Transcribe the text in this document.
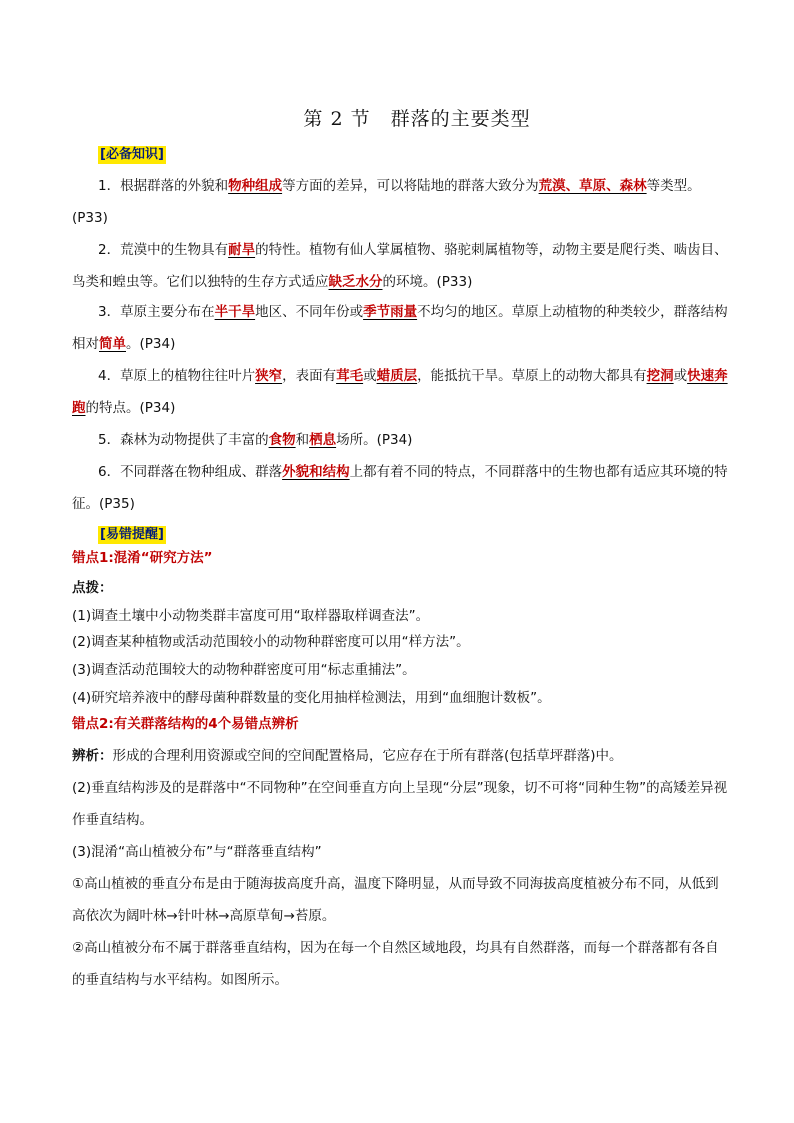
第 2 节　群落的主要类型
[必备知识]
1．根据群落的外貌和物种组成等方面的差异，可以将陆地的群落大致分为荒漠、草原、森林等类型。(P33)
2．荒漠中的生物具有耐旱的特性。植物有仙人掌属植物、骆驼刺属植物等，动物主要是爬行类、啮齿目、鸟类和蝗虫等。它们以独特的生存方式适应缺乏水分的环境。(P33)
3．草原主要分布在半干旱地区、不同年份或季节雨量不均匀的地区。草原上动植物的种类较少，群落结构相对简单。(P34)
4．草原上的植物往往叶片狭窄，表面有茸毛或蜡质层，能抵抗干旱。草原上的动物大都具有挖洞或快速奔跑的特点。(P34)
5．森林为动物提供了丰富的食物和栖息场所。(P34)
6．不同群落在物种组成、群落外貌和结构上都有着不同的特点，不同群落中的生物也都有适应其环境的特征。(P35)
[易错提醒]
错点1:混淆“研究方法”
点拨：
(1)调查土壤中小动物类群丰富度可用“取样器取样调查法”。
(2)调查某种植物或活动范围较小的动物种群密度可以用“样方法”。
(3)调查活动范围较大的动物种群密度可用“标志重捕法”。
(4)研究培养液中的酵母菌种群数量的变化用抽样检测法，用到“血细胞计数板”。
错点2:有关群落结构的4个易错点辨析
辨析：形成的合理利用资源或空间的空间配置格局，它应存在于所有群落(包括草坪群落)中。
(2)垂直结构涉及的是群落中“不同物种”在空间垂直方向上呈现“分层”现象，切不可将“同种生物”的高矮差异视作垂直结构。
(3)混淆“高山植被分布”与“群落垂直结构”
①高山植被的垂直分布是由于随海拔高度升高，温度下降明显，从而导致不同海拔高度植被分布不同，从低到高依次为阔叶林→针叶林→高原草甸→苔原。
②高山植被分布不属于群落垂直结构，因为在每一个自然区域地段，均具有自然群落，而每一个群落都有各自的垂直结构与水平结构。如图所示。
